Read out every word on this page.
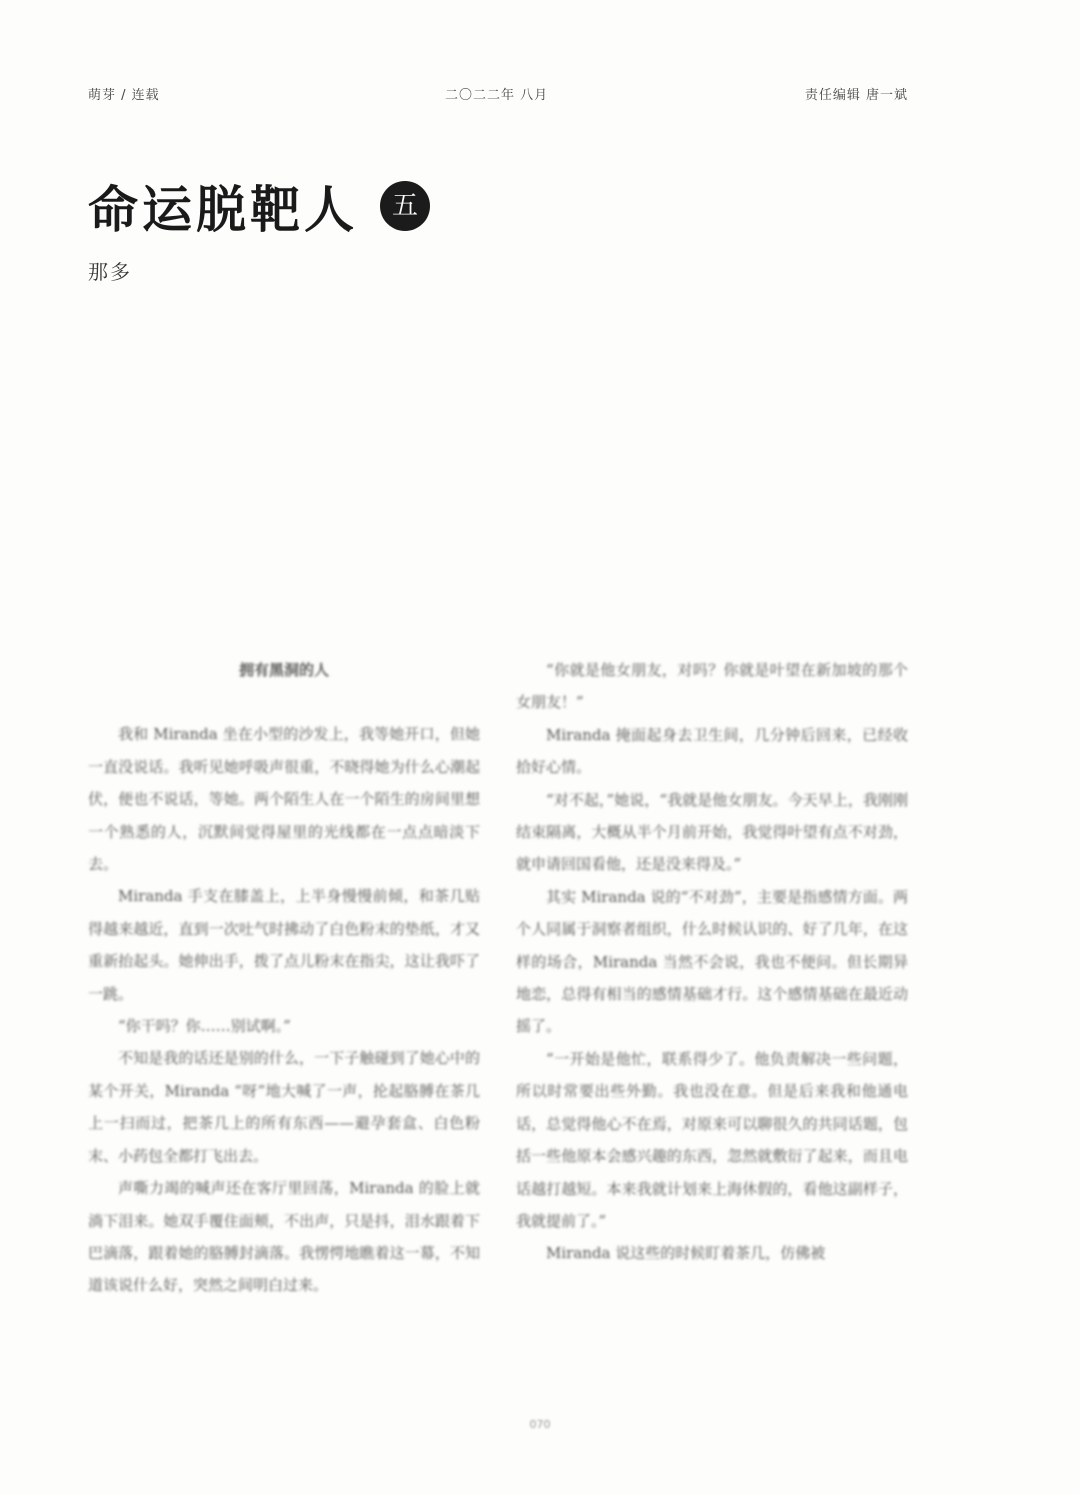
萌芽 / 连载	二〇二二年 八月	责任编辑 唐一斌
命运脱靶人 五
那多
拥有黑洞的人

我和 Miranda 坐在小型的沙发上，我等她开口，但她一直没说话。我听见她呼吸声很重，不晓得她为什么心潮起伏，便也不说话，等她。两个陌生人在一个陌生的房间里想一个熟悉的人，沉默间觉得屋里的光线都在一点点暗淡下去。

Miranda 手支在膝盖上，上半身慢慢前倾，和茶几贴得越来越近，直到一次吐气时拂动了白色粉末的垫纸，才又重新抬起头。她伸出手，拨了点儿粉末在指尖，这让我吓了一跳。

“你干吗？你……别试啊。”

不知是我的话还是别的什么，一下子触碰到了她心中的某个开关，Miranda “呀”地大喊了一声，抡起胳膊在茶几上一扫而过，把茶几上的所有东西——避孕套盒、白色粉末、小药包全都打飞出去。

声嘶力竭的喊声还在客厅里回荡，Miranda 的脸上就淌下泪来。她双手覆住面颊，不出声，只是抖，泪水跟着下巴滴落，跟着她的胳膊封滴落。我愣愕地瞧着这一幕，不知道该说什么好，突然之间明白过来。

“你就是他女朋友，对吗？你就是叶望在新加坡的那个女朋友！”

Miranda 掩面起身去卫生间，几分钟后回来，已经收拾好心情。

“对不起，”她说，“我就是他女朋友。今天早上，我刚刚结束隔离，大概从半个月前开始，我觉得叶望有点不对劲，就申请回国看他，还是没来得及。”

其实 Miranda 说的“不对劲”，主要是指感情方面。两个人同属于洞察者组织，什么时候认识的、好了几年，在这样的场合，Miranda 当然不会说，我也不便问。但长期异地恋，总得有相当的感情基础才行。这个感情基础在最近动摇了。

“一开始是他忙，联系得少了。他负责解决一些问题，所以时常要出些外勤。我也没在意。但是后来我和他通电话，总觉得他心不在焉，对原来可以聊很久的共同话题，包括一些他原本会感兴趣的东西，忽然就敷衍了起来，而且电话越打越短。本来我就计划来上海休假的，看他这副样子，我就提前了。”

Miranda 说这些的时候盯着茶几，仿佛被

070
